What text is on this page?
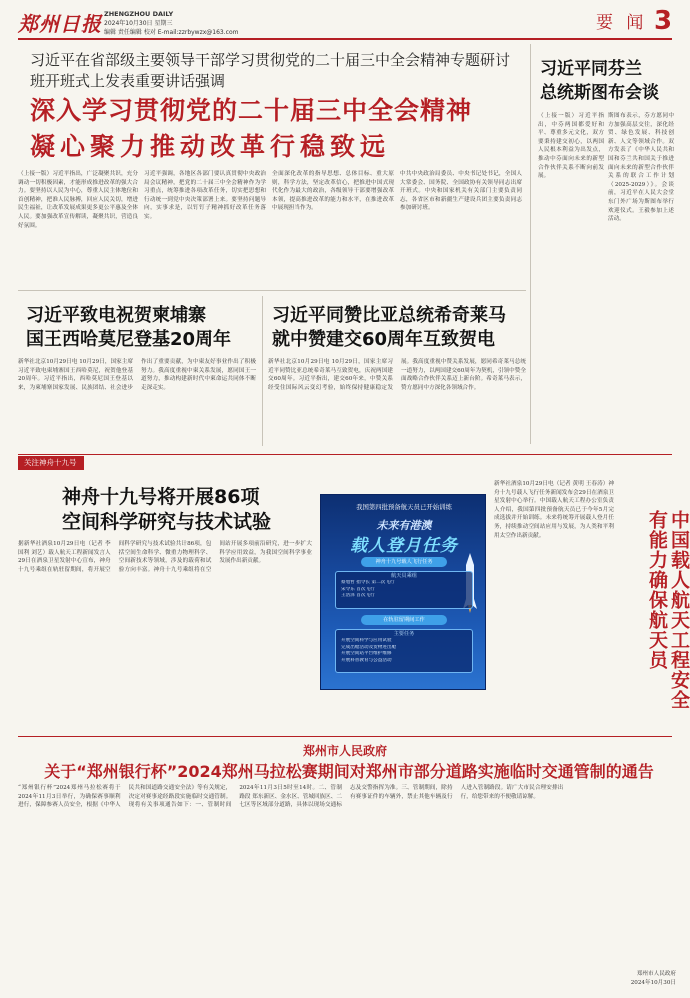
郑州日报 ZHENGZHOU DAILY
2024年10月30日 星期三
编辑 责任编辑 校对 E-mail:zzrbywzx@163.com	要 闻 3
习近平在省部级主要领导干部学习贯彻党的二十届三中全会精神专题研讨班开班式上发表重要讲话强调
深入学习贯彻党的二十届三中全会精神
凝心聚力推动改革行稳致远
（上接一版）习近平指出，广泛凝聚共识，充分调动一切积极因素，才能形成推进改革的强大合力。要坚持以人民为中心，尊重人民主体地位和首创精神，把准人民脉搏，回应人民关切，增进民生福祉，让改革发展成果更多更公平惠及全体人民。要加强改革宣传解读，凝聚共识，营造良好氛围。
习近平强调，各地区各部门要认真贯彻中央政治局会议精神，把党的二十届三中全会精神作为学习重点，统筹推进各项改革任务，切实把思想和行动统一到党中央决策部署上来。要坚持问题导向，实事求是，以钉钉子精神抓好改革任务落实。
全面深化改革的指导思想、总体目标、重大原则，科学方法，坚定改革信心，把推进中国式现代化作为最大的政治，各级领导干部要增强改革本领，提高推进改革的能力和水平，在推进改革中展现担当作为。
中共中央政治局委员、中央书记处书记，全国人大常委会、国务院、全国政协有关领导同志出席开班式。中央和国家机关有关部门主要负责同志，各省区市和新疆生产建设兵团主要负责同志参加研讨班。
习近平同芬兰
总统斯图布会谈
（上接一版）习近平指出，中芬两国都爱好和平、尊重多元文化，双方要秉持建交初心，以两国人民根本利益为出发点，推动中芬面向未来的新型合作伙伴关系不断向前发展。
斯图布表示，芬方愿同中方加强高层交往，深化经贸、绿色发展、科技创新、人文等领域合作。双方发表了《中华人民共和国和芬兰共和国关于推进面向未来的新型合作伙伴关系的联合工作计划（2025-2029）》。会谈前，习近平在人民大会堂东门外广场为斯图布举行欢迎仪式。王毅参加上述活动。
习近平致电祝贺柬埔寨
国王西哈莫尼登基20周年
新华社北京10月29日电 10月29日，国家主席习近平致电柬埔寨国王西哈莫尼，祝贺他登基20周年。习近平指出，西哈莫尼国王登基以来，为柬埔寨国家发展、民族团结、社会进步作出了重要贡献，为中柬友好事业作出了积极努力。我高度重视中柬关系发展，愿同国王一道努力，推动构建新时代中柬命运共同体不断走深走实。
习近平同赞比亚总统希奇莱马
就中赞建交60周年互致贺电
新华社北京10月29日电 10月29日，国家主席习近平同赞比亚总统希奇莱马互致贺电，庆祝两国建交60周年。习近平指出，建交60年来，中赞关系经受住国际风云变幻考验，始终保持健康稳定发展。我高度重视中赞关系发展，愿同希奇莱马总统一道努力，以两国建交60周年为契机，引领中赞全面战略合作伙伴关系迈上新台阶。希奇莱马表示，赞方愿同中方深化各领域合作。
关注神舟十九号
神舟十九号将开展86项
空间科学研究与技术试验
据新华社酒泉10月29日电（记者 李国利 刘艺）载人航天工程新闻发言人29日在酒泉卫星发射中心宣布，神舟十九号乘组在轨驻留期间，将开展空间科学研究与技术试验共计86项，包括空间生命科学、微重力物理科学、空间新技术等领域，涉及的载荷和试验方向丰富。神舟十九号乘组将在空间站开展多项前沿研究，进一步扩大科学应用效益，为我国空间科学事业发展作出新贡献。
我国第四批预备航天员已开始训练
未来有港澳
载人登月任务
神舟十九号载人飞行任务
航天员乘组
蔡旭哲 指令长 第二次飞行
宋令东 首次飞行
王浩泽 首次飞行
在轨驻留期间工作
主要任务
开展空间科学与应用试验
完成出舱活动及货物进出舱
开展空间站平台维护维修
开展科普教育与公益活动
新华社酒泉10月29日电（记者 黄明 王春涛）神舟十九号载人飞行任务新闻发布会29日在酒泉卫星发射中心举行。中国载人航天工程办公室负责人介绍，我国第四批预备航天员已于今年5月完成选拔并开始训练。未来将统筹开展载人登月任务，持续推动空间站应用与发展，为人类和平利用太空作出新贡献。	中国载人航天工程安全
有能力确保航天员
郑州市人民政府
关于“郑州银行杯”2024郑州马拉松赛期间对郑州市部分道路实施临时交通管制的通告
“郑州银行杯”2024郑州马拉松赛将于2024年11月3日举行，为确保赛事顺利进行，保障参赛人员安全，根据《中华人民共和国道路交通安全法》等有关规定，决定对赛事途经路段实施临时交通管制。现将有关事项通告如下：一、管制时间 2024年11月3日5时至14时。二、管制路段 郑东新区、金水区、管城回族区、二七区等区域部分道路，具体以现场交通标志及交警指挥为准。三、管制期间，除持有赛事证件的车辆外，禁止其他车辆及行人进入管制路段。请广大市民合理安排出行，给您带来的不便敬请谅解。
郑州市人民政府
2024年10月30日
